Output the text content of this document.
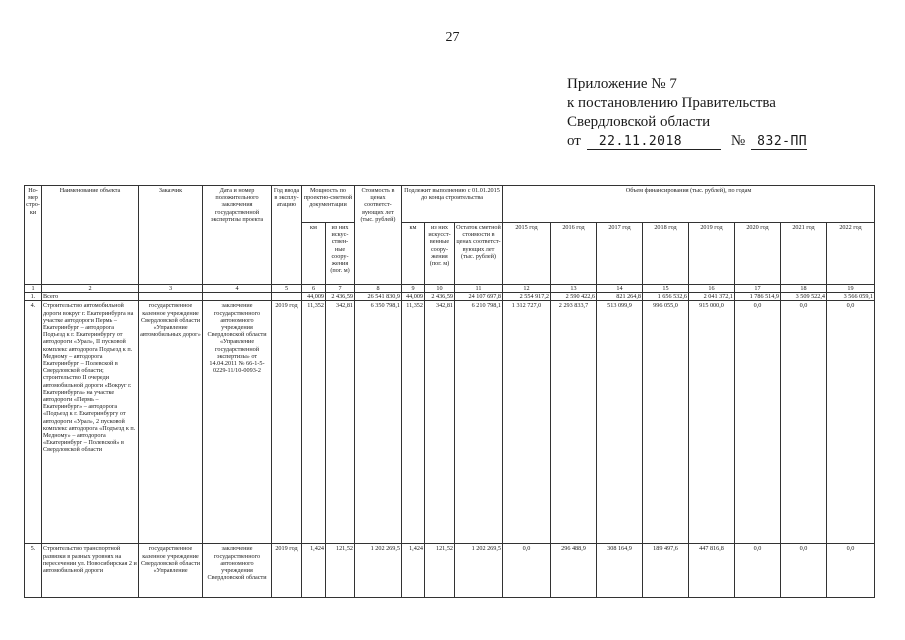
27
Приложение № 7
к постановлению Правительства
Свердловской области
от 22.11.2018	№ 832-ПП
Но-мер стро-ки	Наименование объекта	Заказчик	Дата и номер положительного заключения государственной экспертизы проекта	Год ввода в эксплу-атацию	Мощность по проектно-сметной документации		Стоимость в ценах соответст-вующих лет (тыс. рублей)	Подлежит выполнению с 01.01.2015 до конца строительства			Объем финансирования (тыс. рублей), по годам							
					км	из них искус-ствен-ные соору-жения (пог. м)		км	из них искусст-венные соору-жения (пог. м)	Остаток сметной стоимости в ценах соответст-вующих лет (тыс. рублей)	2015 год	2016 год	2017 год	2018 год	2019 год	2020 год	2021 год	2022 год
1	2	3	4	5	6	7	8	9	10	11	12	13	14	15	16	17	18	19
1.	Всего				44,009	2 436,59	26 541 830,9	44,009	2 436,59	24 107 697,8	2 554 917,2	2 590 422,6	821 264,8	1 656 532,6	2 041 372,1	1 786 514,9	3 509 522,4	3 566 059,1
4.	Строительство автомобильной дороги вокруг г. Екатеринбурга на участке автодороги Пермь – Екатеринбург – автодорога Подъезд к г. Екатеринбургу от автодороги «Урал», II пусковой комплекс автодорога Подъезд к п. Медному – автодорога Екатеринбург – Полевской в Свердловской области; строительство II очереди автомобильной дороги «Вокруг г. Екатеринбурга» на участке автодороги «Пермь – Екатеринбург» – автодорога «Подъезд к г. Екатеринбургу от автодороги «Урал», 2 пусковой комплекс автодорога «Подъезд к п. Медному» – автодорога «Екатеринбург – Полевской» в Свердловской области	государственное казенное учреждение Свердловской области «Управление автомобильных дорог»	заключение государственного автономного учреждения Свердловской области «Управление государственной экспертизы» от 14.04.2011 № 66-1-5-0229-11/10-0093-2	2019 год	11,352	342,81	6 350 798,1	11,352	342,81	6 210 798,1	1 312 727,0	2 293 833,7	513 099,9	996 055,0	915 000,0	0,0	0,0	0,0
5.	Строительство транспортной развязки в разных уровнях на пересечении ул. Новосибирская 2 и автомобильной дороги	государственное казенное учреждение Свердловской области «Управление	заключение государственного автономного учреждения Свердловской области	2019 год	1,424	121,52	1 202 269,5	1,424	121,52	1 202 269,5	0,0	296 488,9	308 164,9	189 497,6	447 816,8	0,0	0,0	0,0
